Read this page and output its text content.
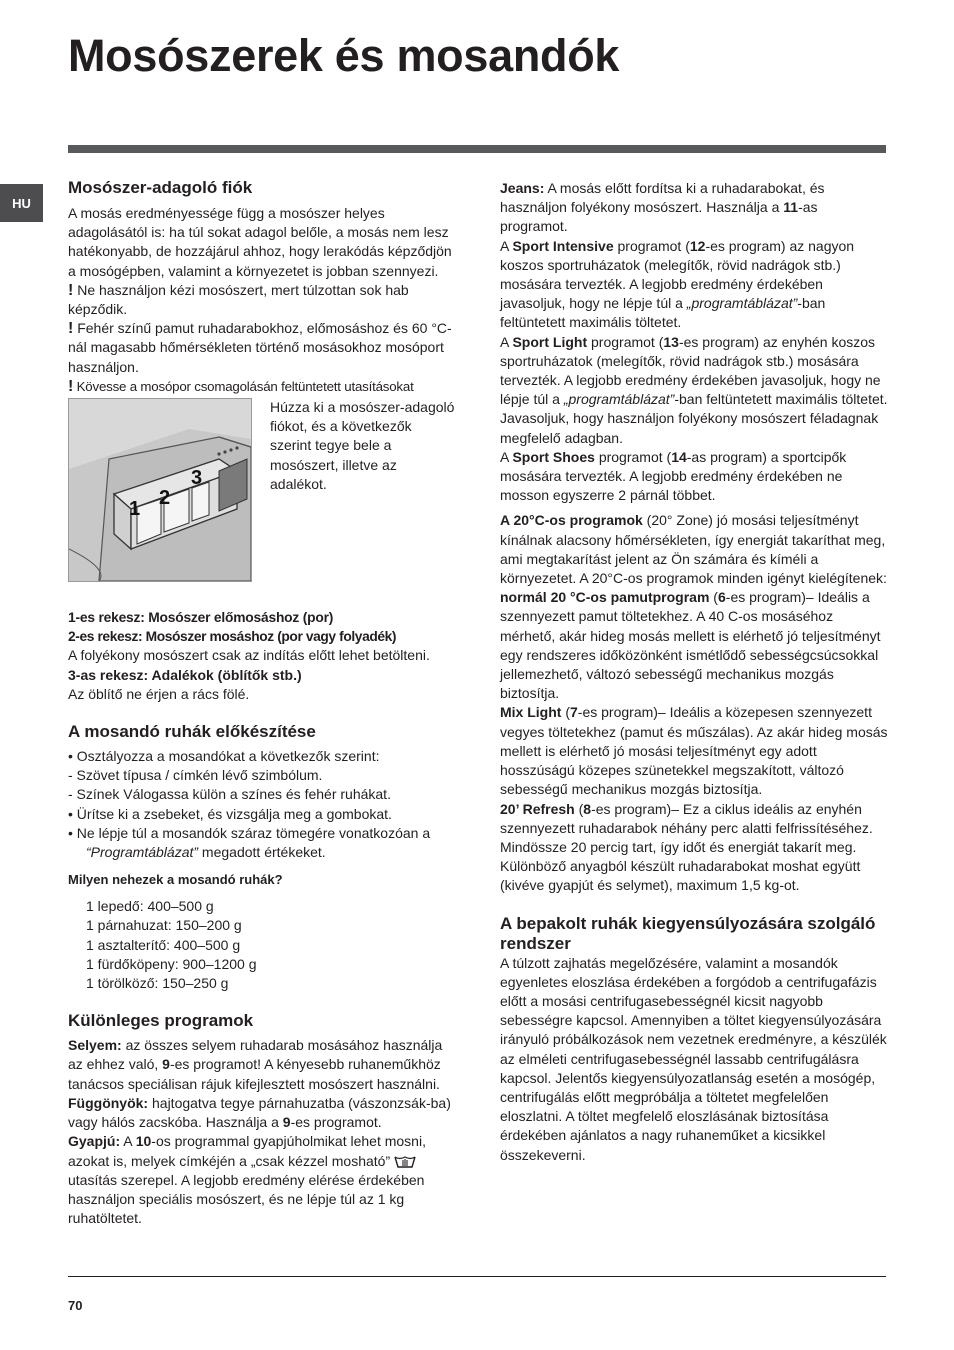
Mosószerek és mosandók
HU
Mosószer-adagoló fiók

A mosás eredményessége függ a mosószer helyes adagolásától is: ha túl sokat adagol belőle, a mosás nem lesz hatékonyabb, de hozzájárul ahhoz, hogy lerakódás képződjön a mosógépben, valamint a környezetet is jobban szennyezi.

! Ne használjon kézi mosószert, mert túlzottan sok hab képződik.

! Fehér színű pamut ruhadarabokhoz, előmosáshoz és 60 °C-nál magasabb hőmérsékleten történő mosásokhoz mosóport használjon.

! Kövesse a mosópor csomagolásán feltüntetett utasításokat

1 2
3

Húzza ki a mosószer-adagoló fiókot, és a következők szerint tegye bele a mosószert, illetve az adalékot.

1-es rekesz: Mosószer előmosáshoz (por)

2-es rekesz: Mosószer mosáshoz (por vagy folyadék)

A folyékony mosószert csak az indítás előtt lehet betölteni.

3-as rekesz: Adalékok (öblítők stb.)

Az öblítő ne érjen a rács fölé.

A mosandó ruhák előkészítése

• Osztályozza a mosandókat a következők szerint:

- Szövet típusa / címkén lévő szimbólum.

- Színek Válogassa külön a színes és fehér ruhákat.

• Ürítse ki a zsebeket, és vizsgálja meg a gombokat.

• Ne lépje túl a mosandók száraz tömegére vonatkozóan a “Programtáblázat” megadott értékeket.

Milyen nehezek a mosandó ruhák?

1 lepedő: 400–500 g

1 párnahuzat: 150–200 g

1 asztalterítő: 400–500 g

1 fürdőköpeny: 900–1200 g

1 törölköző: 150–250 g

Különleges programok

Selyem: az összes selyem ruhadarab mosásához használja az ehhez való, 9-es programot! A kényesebb ruhaneműkhöz tanácsos speciálisan rájuk kifejlesztett mosószert használni.

Függönyök: hajtogatva tegye párnahuzatba (vászonzsák-ba) vagy hálós zacskóba. Használja a 9-es programot.

Gyapjú: A 10-os programmal gyapjúholmikat lehet mosni, azokat is, melyek címkéjén a „csak kézzel mosható”  utasítás szerepel. A legjobb eredmény elérése érdekében használjon speciális mosószert, és ne lépje túl az 1 kg ruhatöltetet.

Jeans: A mosás előtt fordítsa ki a ruhadarabokat, és használjon folyékony mosószert. Használja a 11-as programot.

A Sport Intensive programot (12-es program) az nagyon koszos sportruházatok (melegítők, rövid nadrágok stb.) mosására tervezték. A legjobb eredmény érdekében javasoljuk, hogy ne lépje túl a „programtáblázat”-ban feltüntetett maximális töltetet.

A Sport Light programot (13-es program) az enyhén koszos sportruházatok (melegítők, rövid nadrágok stb.) mosására tervezték. A legjobb eredmény érdekében javasoljuk, hogy ne lépje túl a „programtáblázat”-ban feltüntetett maximális töltetet. Javasoljuk, hogy használjon folyékony mosószert féladagnak megfelelő adagban.

A Sport Shoes programot (14-as program) a sportcipők mosására tervezték. A legjobb eredmény érdekében ne mosson egyszerre 2 párnál többet.

A 20°C-os programok (20° Zone) jó mosási teljesítményt kínálnak alacsony hőmérsékleten, így energiát takaríthat meg, ami megtakarítást jelent az Ön számára és kíméli a környezetet. A 20°C-os programok minden igényt kielégítenek:

normál 20 °C-os pamutprogram (6-es program)– Ideális a szennyezett pamut töltetekhez. A 40 C-os mosáséhoz mérhető, akár hideg mosás mellett is elérhető jó teljesítményt egy rendszeres időközönként ismétlődő sebességcsúcsokkal jellemezhető, változó sebességű mechanikus mozgás biztosítja.

Mix Light (7-es program)– Ideális a közepesen szennyezett vegyes töltetekhez (pamut és műszálas). Az akár hideg mosás mellett is elérhető jó mosási teljesítményt egy adott hosszúságú közepes szünetekkel megszakított, változó sebességű mechanikus mozgás biztosítja.

20’ Refresh (8-es program)– Ez a ciklus ideális az enyhén szennyezett ruhadarabok néhány perc alatti felfrissítéséhez. Mindössze 20 percig tart, így időt és energiát takarít meg. Különböző anyagból készült ruhadarabokat moshat együtt (kivéve gyapjút és selymet), maximum 1,5 kg-ot.

A bepakolt ruhák kiegyensúlyozására szolgáló rendszer

A túlzott zajhatás megelőzésére, valamint a mosandók egyenletes eloszlása érdekében a forgódob a centrifugafázis előtt a mosási centrifugasebességnél kicsit nagyobb sebességre kapcsol. Amennyiben a töltet kiegyensúlyozására irányuló próbálkozások nem vezetnek eredményre, a készülék az elméleti centrifugasebességnél lassabb centrifugálásra kapcsol. Jelentős kiegyensúlyozatlanság esetén a mosógép, centrifugálás előtt megpróbálja a töltetet megfelelően eloszlatni. A töltet megfelelő eloszlásának biztosítása érdekében ajánlatos a nagy ruhaneműket a kicsikkel összekeverni.

70
